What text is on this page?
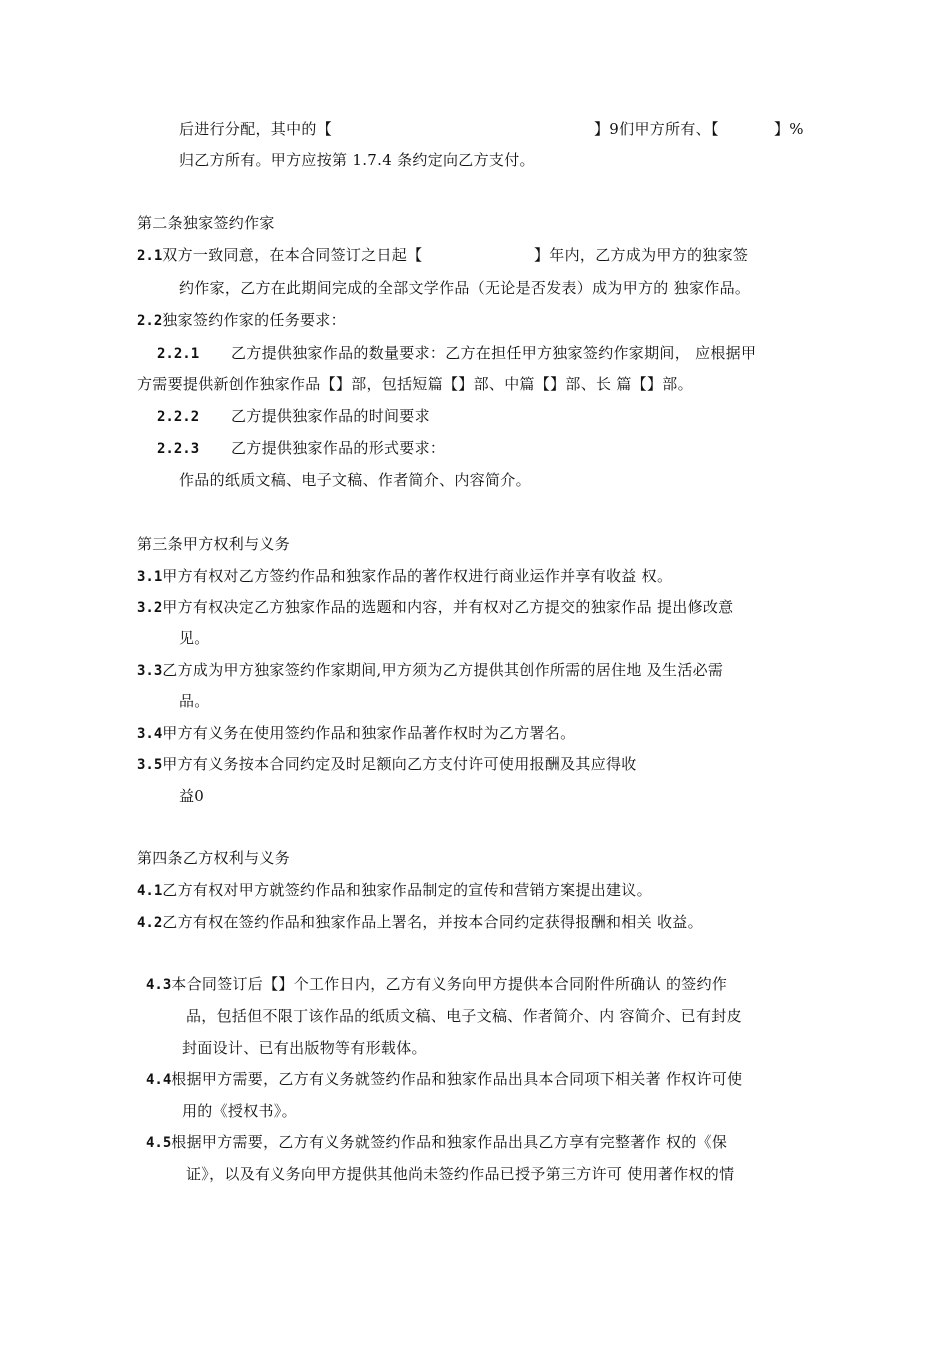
后进行分配，其中的【	】9们甲方所有、【	】%
归乙方所有。甲方应按第 1.7.4 条约定向乙方支付。
第二条独家签约作家
2.1双方一致同意，在本合同签订之日起【	】年内，乙方成为甲方的独家签
约作家，乙方在此期间完成的全部文学作品（无论是否发表）成为甲方的 独家作品。
2.2独家签约作家的任务要求：
2.2.1 乙方提供独家作品的数量要求：乙方在担任甲方独家签约作家期间， 应根据甲
方需要提供新创作独家作品【】部，包括短篇【】部、中篇【】部、长 篇【】部。
2.2.2 乙方提供独家作品的时间要求
2.2.3 乙方提供独家作品的形式要求：
作品的纸质文稿、电子文稿、作者简介、内容简介。
第三条甲方权利与义务
3.1甲方有权对乙方签约作品和独家作品的著作权进行商业运作并享有收益 权。
3.2甲方有权决定乙方独家作品的选题和内容，并有权对乙方提交的独家作品 提出修改意
见。
3.3乙方成为甲方独家签约作家期间,甲方须为乙方提供其创作所需的居住地 及生活必需
品。
3.4甲方有义务在使用签约作品和独家作品著作权时为乙方署名。
3.5甲方有义务按本合同约定及时足额向乙方支付许可使用报酬及其应得收
益0
第四条乙方权利与义务
4.1乙方有权对甲方就签约作品和独家作品制定的宣传和营销方案提出建议。
4.2乙方有权在签约作品和独家作品上署名，并按本合同约定获得报酬和相关 收益。
4.3本合同签订后【】个工作日内，乙方有义务向甲方提供本合同附件所确认 的签约作
品，包括但不限丁该作品的纸质文稿、电子文稿、作者简介、内 容简介、已有封皮
封面设计、已有出版物等有形载体。
4.4根据甲方需要，乙方有义务就签约作品和独家作品出具本合同项下相关著 作权许可使
用的《授权书》。
4.5根据甲方需要，乙方有义务就签约作品和独家作品出具乙方享有完整著作 权的《保
证》，以及有义务向甲方提供其他尚未签约作品已授予第三方许可 使用著作权的情
